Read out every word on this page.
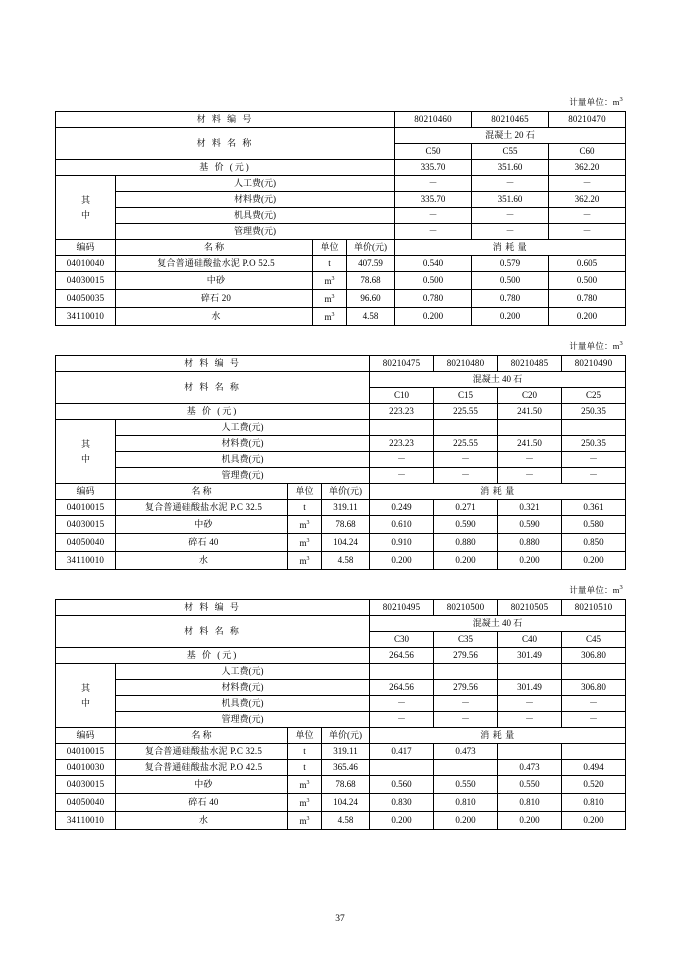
计量单位：$m^3$
材 料 编 号				80210460	80210465	80210470
材 料 名 称				混凝土 20 石		
				C50	C55	C60
基 价 (元)				335.70	351.60	362.20

其
中	人工费(元)			－	－	－
	材料费(元)			335.70	351.60	362.20
	机具费(元)			－	－	－
	管理费(元)			－	－	－
编码	名 称	单位	单价(元)	消 耗 量		
04010040	复合普通硅酸盐水泥 P.O 52.5	t	407.59	0.540	0.579	0.605
04030015	中砂	$m^3$	78.68	0.500	0.500	0.500
04050035	碎石 20	$m^3$	96.60	0.780	0.780	0.780
34110010	水	$m^3$	4.58	0.200	0.200	0.200
计量单位：$m^3$
材 料 编 号				80210475	80210480	80210485	80210490
材 料 名 称				混凝土 40 石			
				C10	C15	C20	C25
基 价 (元)				223.23	225.55	241.50	250.35

其
中	人工费(元)						
	材料费(元)			223.23	225.55	241.50	250.35
	机具费(元)			－	－	－	－
	管理费(元)			－	－	－	－
编码	名 称	单位	单价(元)	消 耗 量			
04010015	复合普通硅酸盐水泥 P.C 32.5	t	319.11	0.249	0.271	0.321	0.361
04030015	中砂	$m^3$	78.68	0.610	0.590	0.590	0.580
04050040	碎石 40	$m^3$	104.24	0.910	0.880	0.880	0.850
34110010	水	$m^3$	4.58	0.200	0.200	0.200	0.200
计量单位：$m^3$
材 料 编 号				80210495	80210500	80210505	80210510
材 料 名 称				混凝土 40 石			
				C30	C35	C40	C45
基 价 (元)				264.56	279.56	301.49	306.80

其
中	人工费(元)						
	材料费(元)			264.56	279.56	301.49	306.80
	机具费(元)			－	－	－	－
	管理费(元)			－	－	－	－
编码	名 称	单位	单价(元)	消 耗 量			
04010015	复合普通硅酸盐水泥 P.C 32.5	t	319.11	0.417	0.473		
04010030	复合普通硅酸盐水泥 P.O 42.5	t	365.46			0.473	0.494
04030015	中砂	$m^3$	78.68	0.560	0.550	0.550	0.520
04050040	碎石 40	$m^3$	104.24	0.830	0.810	0.810	0.810
34110010	水	$m^3$	4.58	0.200	0.200	0.200	0.200
37
